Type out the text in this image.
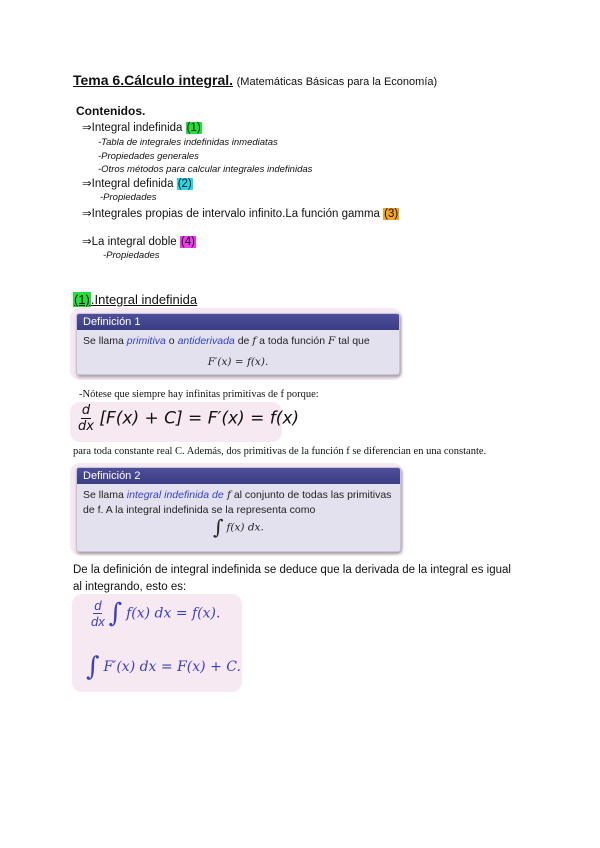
Tema 6.Cálculo integral. (Matemáticas Básicas para la Economía)
Contenidos.
⇒Integral indefinida (1)
-Tabla de integrales indefinidas inmediatas
-Propiedades generales
-Otros métodos para calcular integrales indefinidas
⇒Integral definida (2)
-Propiedades
⇒Integrales propias de intervalo infinito.La función gamma (3)
⇒La integral doble (4)
-Propiedades
(1).Integral indefinida
Definición 1
Se llama primitiva o antiderivada de f a toda función F tal que
F′(x) = f(x).
-Nótese que siempre hay infinitas primitivas de f porque:
$\frac{d}{dx} [F(x) + C] = F'(x) = f(x)$
para toda constante real C. Además, dos primitivas de la función f se diferencian en una constante.
Definición 2
Se llama integral indefinida de f al conjunto de todas las primitivas
de f. A la integral indefinida se la representa como
∫ f(x) dx.
De la definición de integral indefinida se deduce que la derivada de la integral es igual al integrando, esto es:
$\frac{d}{dx}$ ∫ f(x) dx = f(x).
∫ F′(x) dx = F(x) + C.
